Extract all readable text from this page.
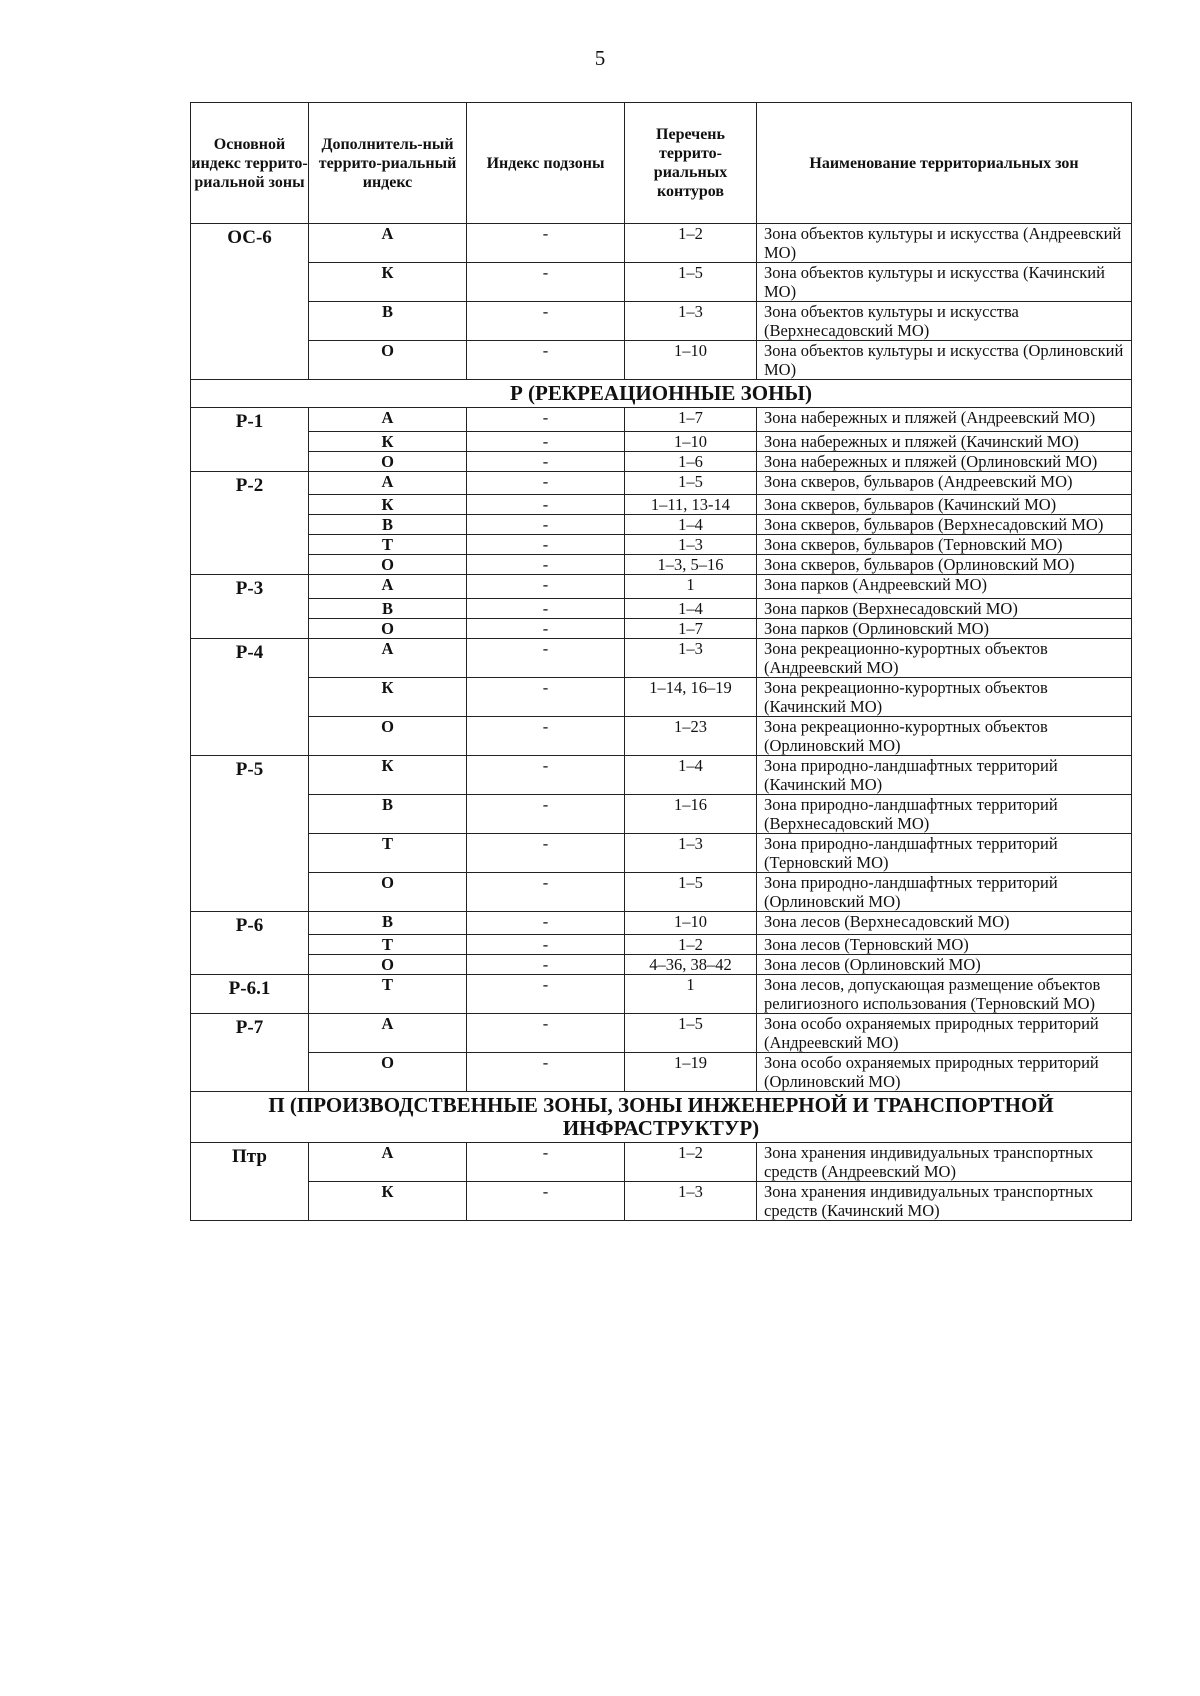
5
Основной индекс террито-риальной зоны	Дополнитель-ный террито-риальный индекс	Индекс подзоны	Перечень террито-риальных контуров	Наименование территориальных зон
ОС-6	А	-	1–2	Зона объектов культуры и искусства (Андреевский МО)
	К	-	1–5	Зона объектов культуры и искусства (Качинский МО)
	В	-	1–3	Зона объектов культуры и искусства (Верхнесадовский МО)
	О	-	1–10	Зона объектов культуры и искусства (Орлиновский МО)
Р (РЕКРЕАЦИОННЫЕ ЗОНЫ)				
Р-1	А	-	1–7	Зона набережных и пляжей (Андреевский МО)
	К	-	1–10	Зона набережных и пляжей (Качинский МО)
	О	-	1–6	Зона набережных и пляжей (Орлиновский МО)
Р-2	А	-	1–5	Зона скверов, бульваров (Андреевский МО)
	К	-	1–11, 13-14	Зона скверов, бульваров (Качинский МО)
	В	-	1–4	Зона скверов, бульваров (Верхнесадовский МО)
	Т	-	1–3	Зона скверов, бульваров (Терновский МО)
	О	-	1–3, 5–16	Зона скверов, бульваров (Орлиновский МО)
Р-3	А	-	1	Зона парков (Андреевский МО)
	В	-	1–4	Зона парков (Верхнесадовский МО)
	О	-	1–7	Зона парков (Орлиновский МО)
Р-4	А	-	1–3	Зона рекреационно-курортных объектов (Андреевский МО)
	К	-	1–14, 16–19	Зона рекреационно-курортных объектов (Качинский МО)
	О	-	1–23	Зона рекреационно-курортных объектов (Орлиновский МО)
Р-5	К	-	1–4	Зона природно-ландшафтных территорий (Качинский МО)
	В	-	1–16	Зона природно-ландшафтных территорий (Верхнесадовский МО)
	Т	-	1–3	Зона природно-ландшафтных территорий (Терновский МО)
	О	-	1–5	Зона природно-ландшафтных территорий (Орлиновский МО)
Р-6	В	-	1–10	Зона лесов (Верхнесадовский МО)
	Т	-	1–2	Зона лесов (Терновский МО)
	О	-	4–36, 38–42	Зона лесов (Орлиновский МО)
Р-6.1	Т	-	1	Зона лесов, допускающая размещение объектов религиозного использования (Терновский МО)
Р-7	А	-	1–5	Зона особо охраняемых природных территорий (Андреевский МО)
	О	-	1–19	Зона особо охраняемых природных территорий (Орлиновский МО)
П (ПРОИЗВОДСТВЕННЫЕ ЗОНЫ, ЗОНЫ ИНЖЕНЕРНОЙ И ТРАНСПОРТНОЙ ИНФРАСТРУКТУР)				
Птр	А	-	1–2	Зона хранения индивидуальных транспортных средств (Андреевский МО)
	К	-	1–3	Зона хранения индивидуальных транспортных средств (Качинский МО)
